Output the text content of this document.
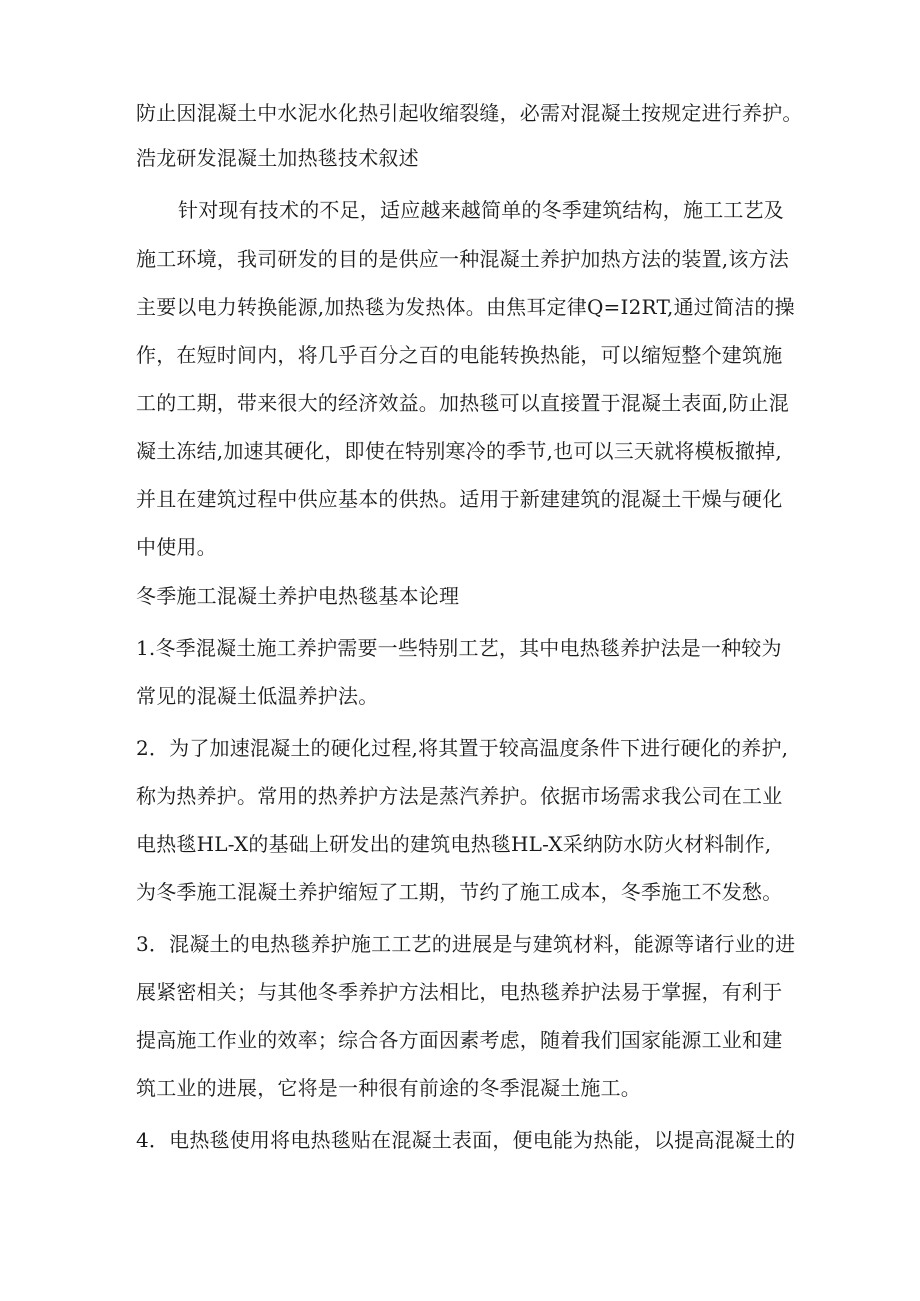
防止因混凝土中水泥水化热引起收缩裂缝，必需对混凝土按规定进行养护。
浩龙研发混凝土加热毯技术叙述
针对现有技术的不足，适应越来越简单的冬季建筑结构，施工工艺及
施工环境，我司研发的目的是供应一种混凝土养护加热方法的装置,该方法
主要以电力转换能源,加热毯为发热体。由焦耳定律Q=I2RT,通过简洁的操
作，在短时间内，将几乎百分之百的电能转换热能，可以缩短整个建筑施
工的工期，带来很大的经济效益。加热毯可以直接置于混凝土表面,防止混
凝土冻结,加速其硬化，即使在特别寒冷的季节,也可以三天就将模板撤掉,
并且在建筑过程中供应基本的供热。适用于新建建筑的混凝土干燥与硬化
中使用。
冬季施工混凝土养护电热毯基本论理
1.冬季混凝土施工养护需要一些特别工艺，其中电热毯养护法是一种较为
常见的混凝土低温养护法。
2．为了加速混凝土的硬化过程,将其置于较高温度条件下进行硬化的养护,
称为热养护。常用的热养护方法是蒸汽养护。依据市场需求我公司在工业
电热毯HL-X的基础上研发出的建筑电热毯HL-X采纳防水防火材料制作,
为冬季施工混凝土养护缩短了工期，节约了施工成本，冬季施工不发愁。
3．混凝土的电热毯养护施工工艺的进展是与建筑材料，能源等诸行业的进
展紧密相关；与其他冬季养护方法相比，电热毯养护法易于掌握，有利于
提高施工作业的效率；综合各方面因素考虑，随着我们国家能源工业和建
筑工业的进展，它将是一种很有前途的冬季混凝土施工。
4．电热毯使用将电热毯贴在混凝土表面，便电能为热能，以提高混凝土的
